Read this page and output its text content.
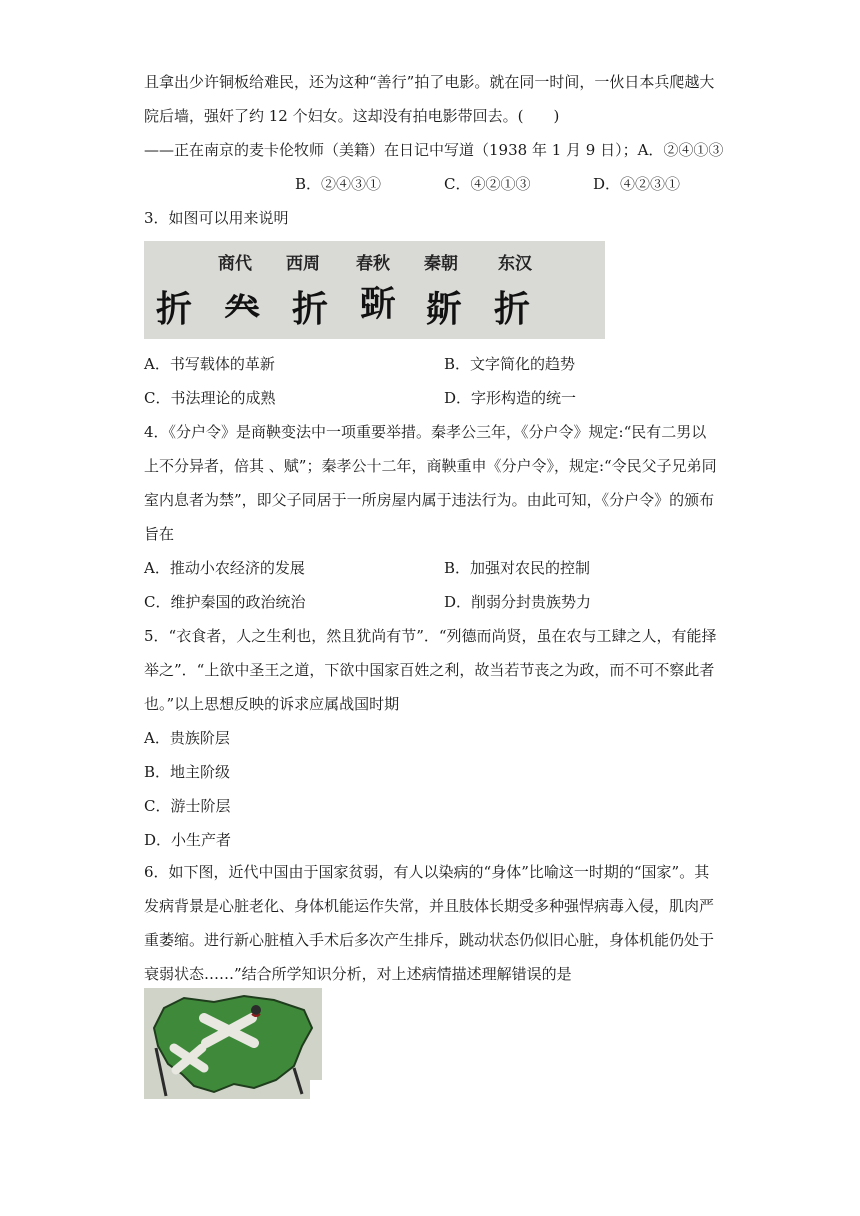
且拿出少许铜板给难民，还为这种“善行”拍了电影。就在同一时间，一伙日本兵爬越大
院后墙，强奸了约 12 个妇女。这却没有拍电影带回去。(　　)
——正在南京的麦卡伦牧师（美籍）在日记中写道（1938 年 1 月 9 日）；A．②④①③
B．②④③①	C．④②①③	D．④②③①
3．如图可以用来说明
商代 西周 春秋 秦朝 东汉
折 𠔉 折 𣂪 㪿 折
A．书写载体的革新	B．文字简化的趋势
C．书法理论的成熟	D．字形构造的统一
4．《分户令》是商鞅变法中一项重要举措。秦孝公三年，《分户令》规定:“民有二男以
上不分异者，倍其 、赋”；秦孝公十二年，商鞅重申《分户令》，规定:“令民父子兄弟同
室内息者为禁”，即父子同居于一所房屋内属于违法行为。由此可知，《分户令》的颁布
旨在
A．推动小农经济的发展	B．加强对农民的控制
C．维护秦国的政治统治	D．削弱分封贵族势力
5．“衣食者，人之生利也，然且犹尚有节”．“列德而尚贤，虽在农与工肆之人，有能择
举之”．“上欲中圣王之道，下欲中国家百姓之利，故当若节丧之为政，而不可不察此者
也。”以上思想反映的诉求应属战国时期
A．贵族阶层
B．地主阶级
C．游士阶层
D．小生产者
6．如下图，近代中国由于国家贫弱，有人以染病的“身体”比喻这一时期的“国家”。其
发病背景是心脏老化、身体机能运作失常，并且肢体长期受多种强悍病毒入侵，肌肉严
重萎缩。进行新心脏植入手术后多次产生排斥，跳动状态仍似旧心脏，身体机能仍处于
衰弱状态……”结合所学知识分析，对上述病情描述理解错误的是
